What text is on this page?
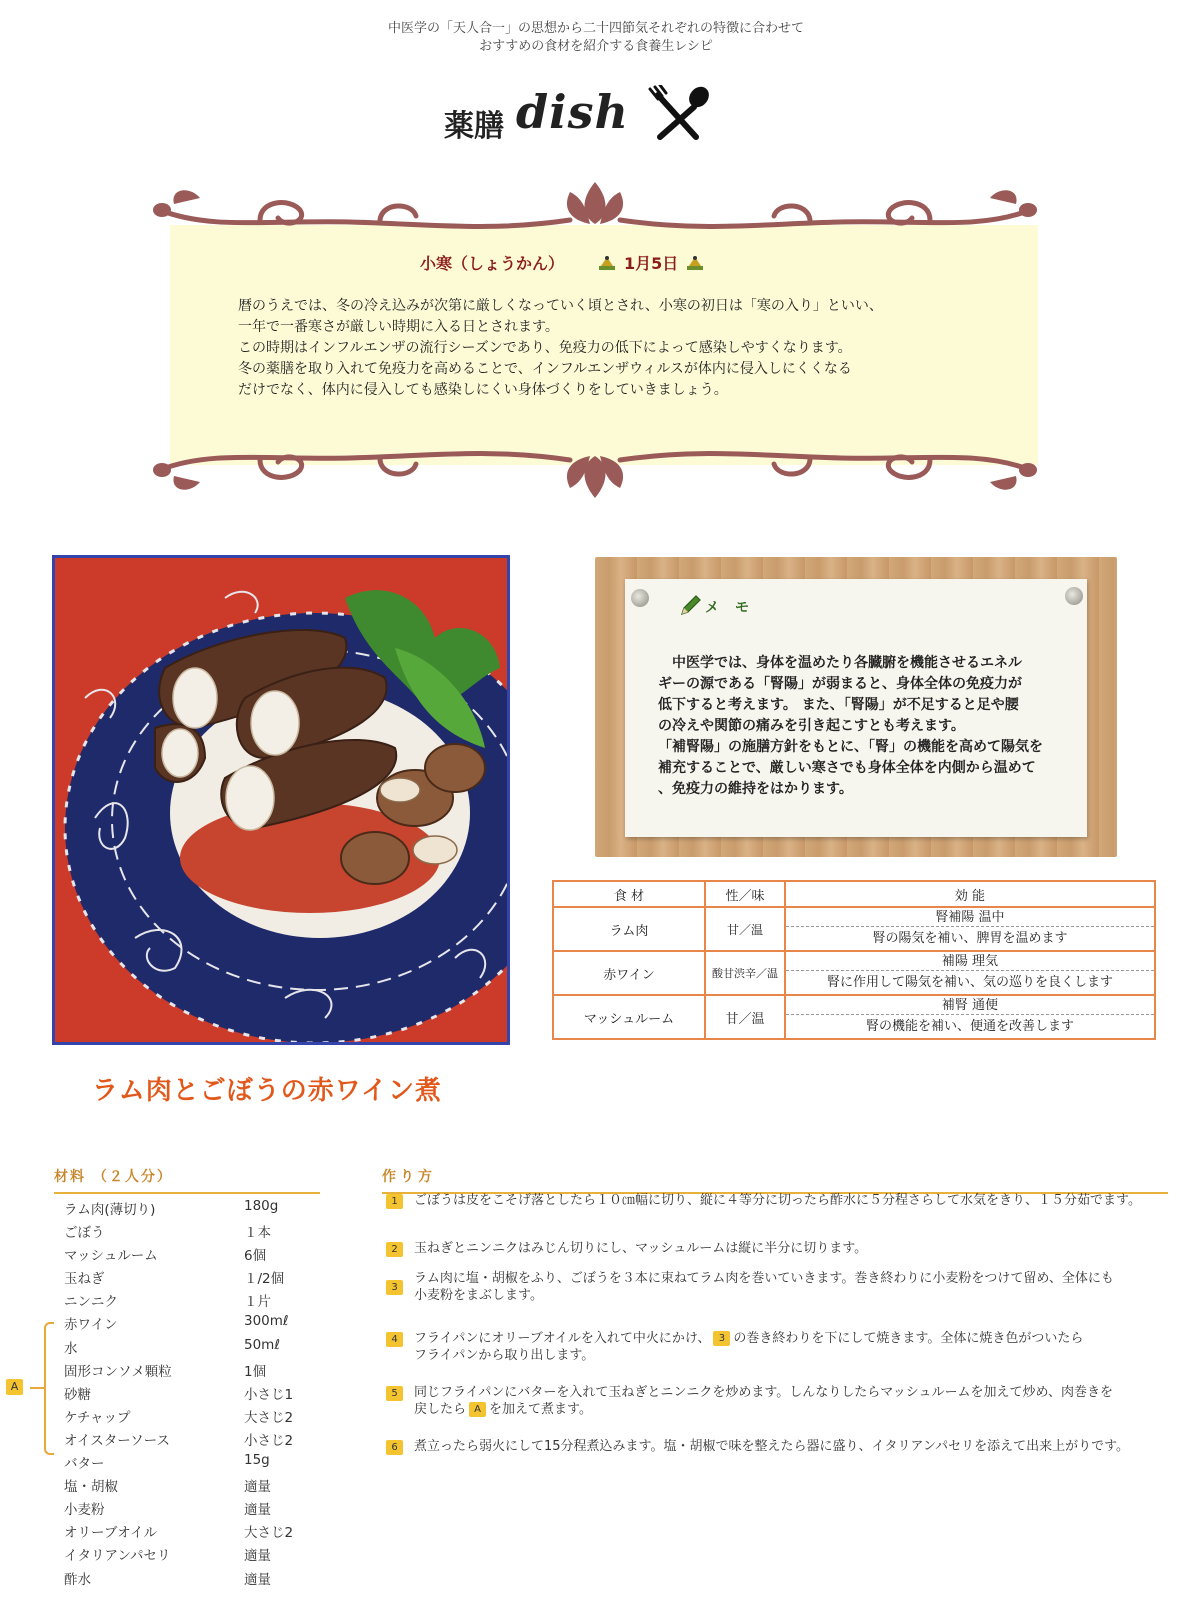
中医学の「天人合一」の思想から二十四節気それぞれの特徴に合わせて
おすすめの食材を紹介する食養生レシピ
薬膳 dish
小寒（しょうかん）	1月5日
暦のうえでは、冬の冷え込みが次第に厳しくなっていく頃とされ、小寒の初日は「寒の入り」といい、
一年で一番寒さが厳しい時期に入る日とされます。
この時期はインフルエンザの流行シーズンであり、免疫力の低下によって感染しやすくなります。
冬の薬膳を取り入れて免疫力を高めることで、インフルエンザウィルスが体内に侵入しにくくなる
だけでなく、体内に侵入しても感染しにくい身体づくりをしていきましょう。
メモ
中医学では、身体を温めたり各臓腑を機能させるエネル
ギーの源である「腎陽」が弱まると、身体全体の免疫力が
低下すると考えます。 また、「腎陽」が不足すると足や腰
の冷えや関節の痛みを引き起こすとも考えます。
「補腎陽」の施膳方針をもとに、「腎」の機能を高めて陽気を
補充することで、厳しい寒さでも身体全体を内側から温めて
、免疫力の維持をはかります。
食 材	性／味	効 能
ラム肉	甘／温	腎補陽 温中
腎の陽気を補い、脾胃を温めます

赤ワイン	酸甘渋辛／温	補陽 理気
腎に作用して陽気を補い、気の巡りを良くします

マッシュルーム	甘／温	補腎 通便
腎の機能を補い、便通を改善します
ラム肉とごぼうの赤ワイン煮
材料 （２人分）
ラム肉(薄切り)	180g
ごぼう	１本
マッシュルーム	6個
玉ねぎ	１/2個
ニンニク	１片
赤ワイン	300mℓ
水	50mℓ
固形コンソメ顆粒	1個
砂糖	小さじ1
ケチャップ	大さじ2
オイスターソース	小さじ2
バター	15g
塩・胡椒	適量
小麦粉	適量
オリーブオイル	大さじ2
イタリアンパセリ	適量
酢水	適量
A
作り方
1	ごぼうは皮をこそげ落としたら１０㎝幅に切り、縦に４等分に切ったら酢水に５分程さらして水気をきり、１５分茹でます。
2	玉ねぎとニンニクはみじん切りにし、マッシュルームは縦に半分に切ります。
3
ラム肉に塩・胡椒をふり、ごぼうを３本に束ねてラム肉を巻いていきます。巻き終わりに小麦粉をつけて留め、全体にも
小麦粉をまぶします。
4	フライパンにオリーブオイルを入れて中火にかけ、 3 の巻き終わりを下にして焼きます。全体に焼き色がついたら
フライパンから取り出します。
5	同じフライパンにバターを入れて玉ねぎとニンニクを炒めます。しんなりしたらマッシュルームを加えて炒め、肉巻きを
戻したら A を加えて煮ます。
6	煮立ったら弱火にして15分程煮込みます。塩・胡椒で味を整えたら器に盛り、イタリアンパセリを添えて出来上がりです。
